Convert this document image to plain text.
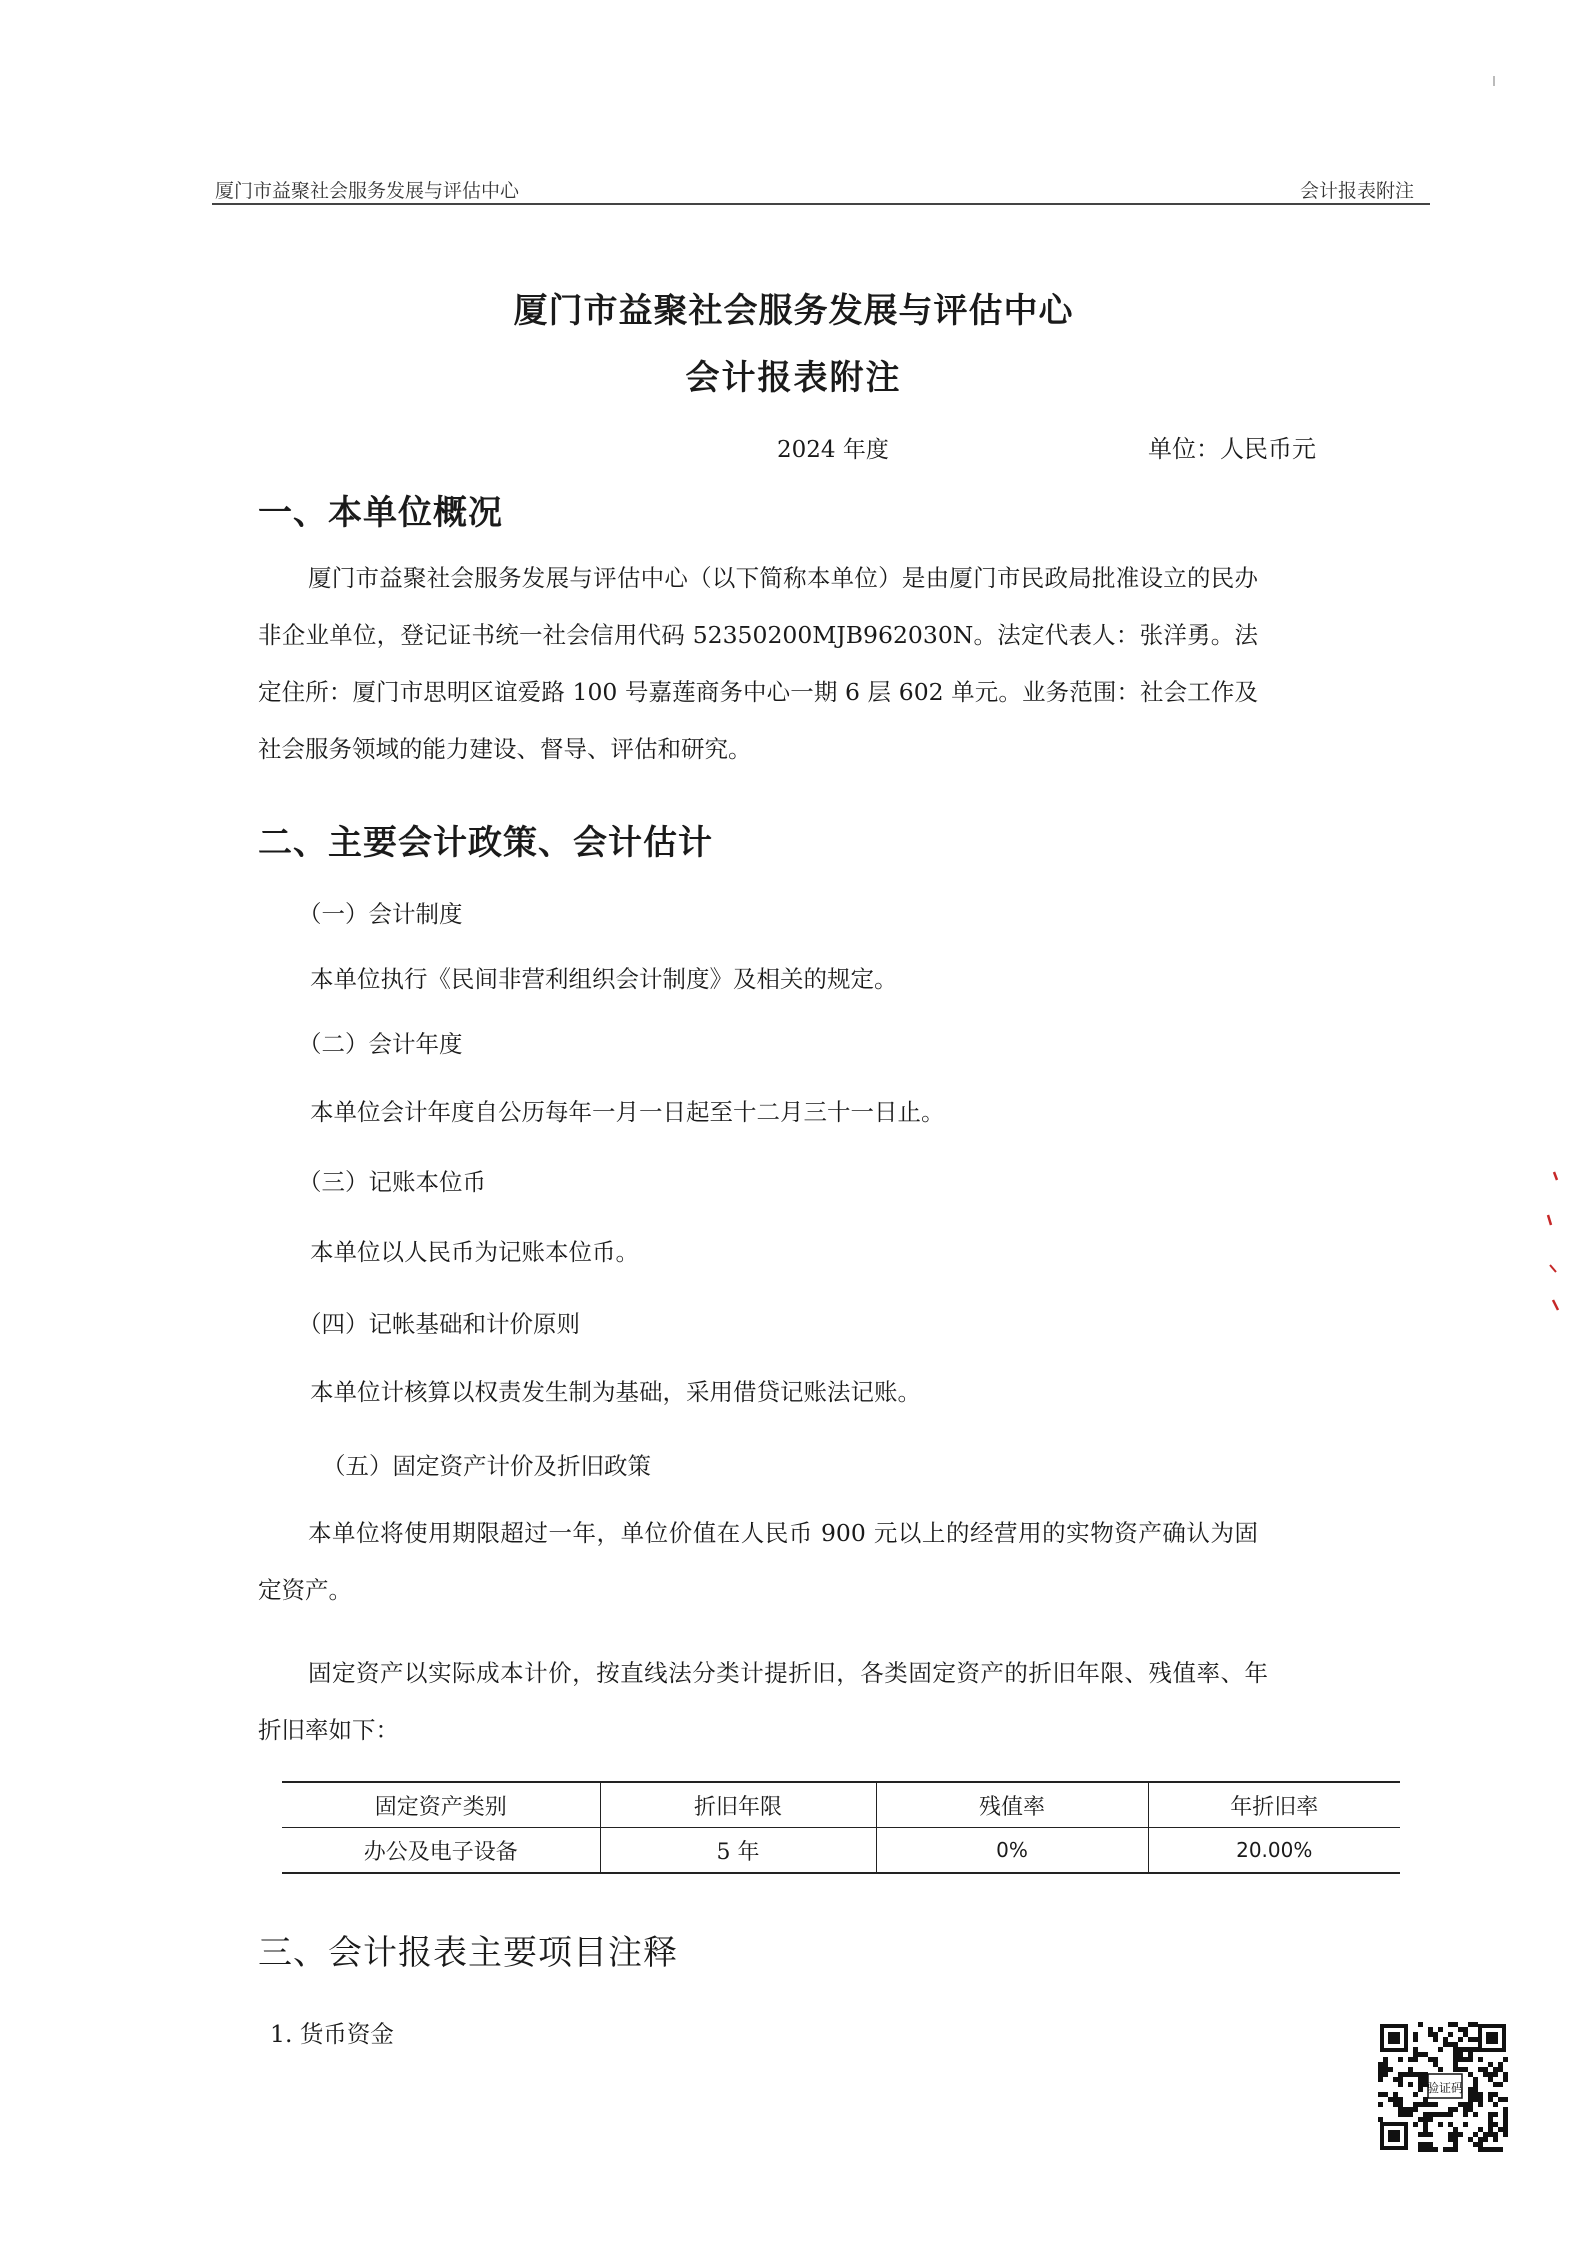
厦门市益聚社会服务发展与评估中心	会计报表附注
厦门市益聚社会服务发展与评估中心
会计报表附注
2024 年度	单位：人民币元
一、本单位概况

厦门市益聚社会服务发展与评估中心（以下简称本单位）是由厦门市民政局批准设立的民办非企业单位，登记证书统一社会信用代码 52350200MJB962030N。法定代表人：张洋勇。法定住所：厦门市思明区谊爱路 100 号嘉莲商务中心一期 6 层 602 单元。业务范围：社会工作及社会服务领域的能力建设、督导、评估和研究。

二、主要会计政策、会计估计
（一）会计制度
本单位执行《民间非营利组织会计制度》及相关的规定。
（二）会计年度
本单位会计年度自公历每年一月一日起至十二月三十一日止。
（三）记账本位币
本单位以人民币为记账本位币。
（四）记帐基础和计价原则
本单位计核算以权责发生制为基础，采用借贷记账法记账。
（五）固定资产计价及折旧政策

本单位将使用期限超过一年，单位价值在人民币 900 元以上的经营用的实物资产确认为固定资产。

固定资产以实际成本计价，按直线法分类计提折旧，各类固定资产的折旧年限、残值率、年折旧率如下：

固定资产类别	折旧年限	残值率	年折旧率
办公及电子设备	5 年	0%	20.00%
三、会计报表主要项目注释
1. 货币资金
验证码
